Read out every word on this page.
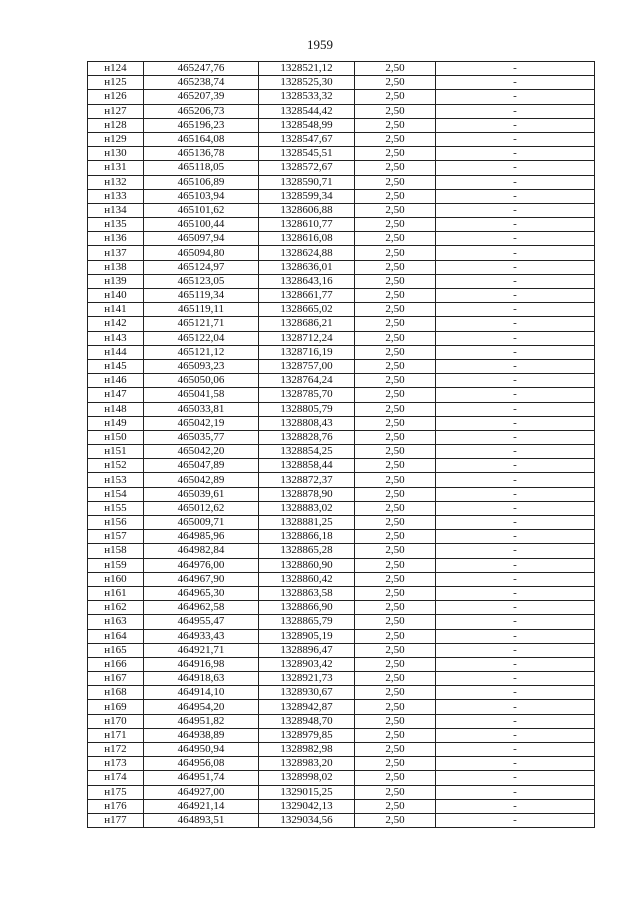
1959
н124	465247,76	1328521,12	2,50	-
н125	465238,74	1328525,30	2,50	-
н126	465207,39	1328533,32	2,50	-
н127	465206,73	1328544,42	2,50	-
н128	465196,23	1328548,99	2,50	-
н129	465164,08	1328547,67	2,50	-
н130	465136,78	1328545,51	2,50	-
н131	465118,05	1328572,67	2,50	-
н132	465106,89	1328590,71	2,50	-
н133	465103,94	1328599,34	2,50	-
н134	465101,62	1328606,88	2,50	-
н135	465100,44	1328610,77	2,50	-
н136	465097,94	1328616,08	2,50	-
н137	465094,80	1328624,88	2,50	-
н138	465124,97	1328636,01	2,50	-
н139	465123,05	1328643,16	2,50	-
н140	465119,34	1328661,77	2,50	-
н141	465119,11	1328665,02	2,50	-
н142	465121,71	1328686,21	2,50	-
н143	465122,04	1328712,24	2,50	-
н144	465121,12	1328716,19	2,50	-
н145	465093,23	1328757,00	2,50	-
н146	465050,06	1328764,24	2,50	-
н147	465041,58	1328785,70	2,50	-
н148	465033,81	1328805,79	2,50	-
н149	465042,19	1328808,43	2,50	-
н150	465035,77	1328828,76	2,50	-
н151	465042,20	1328854,25	2,50	-
н152	465047,89	1328858,44	2,50	-
н153	465042,89	1328872,37	2,50	-
н154	465039,61	1328878,90	2,50	-
н155	465012,62	1328883,02	2,50	-
н156	465009,71	1328881,25	2,50	-
н157	464985,96	1328866,18	2,50	-
н158	464982,84	1328865,28	2,50	-
н159	464976,00	1328860,90	2,50	-
н160	464967,90	1328860,42	2,50	-
н161	464965,30	1328863,58	2,50	-
н162	464962,58	1328866,90	2,50	-
н163	464955,47	1328865,79	2,50	-
н164	464933,43	1328905,19	2,50	-
н165	464921,71	1328896,47	2,50	-
н166	464916,98	1328903,42	2,50	-
н167	464918,63	1328921,73	2,50	-
н168	464914,10	1328930,67	2,50	-
н169	464954,20	1328942,87	2,50	-
н170	464951,82	1328948,70	2,50	-
н171	464938,89	1328979,85	2,50	-
н172	464950,94	1328982,98	2,50	-
н173	464956,08	1328983,20	2,50	-
н174	464951,74	1328998,02	2,50	-
н175	464927,00	1329015,25	2,50	-
н176	464921,14	1329042,13	2,50	-
н177	464893,51	1329034,56	2,50	-
